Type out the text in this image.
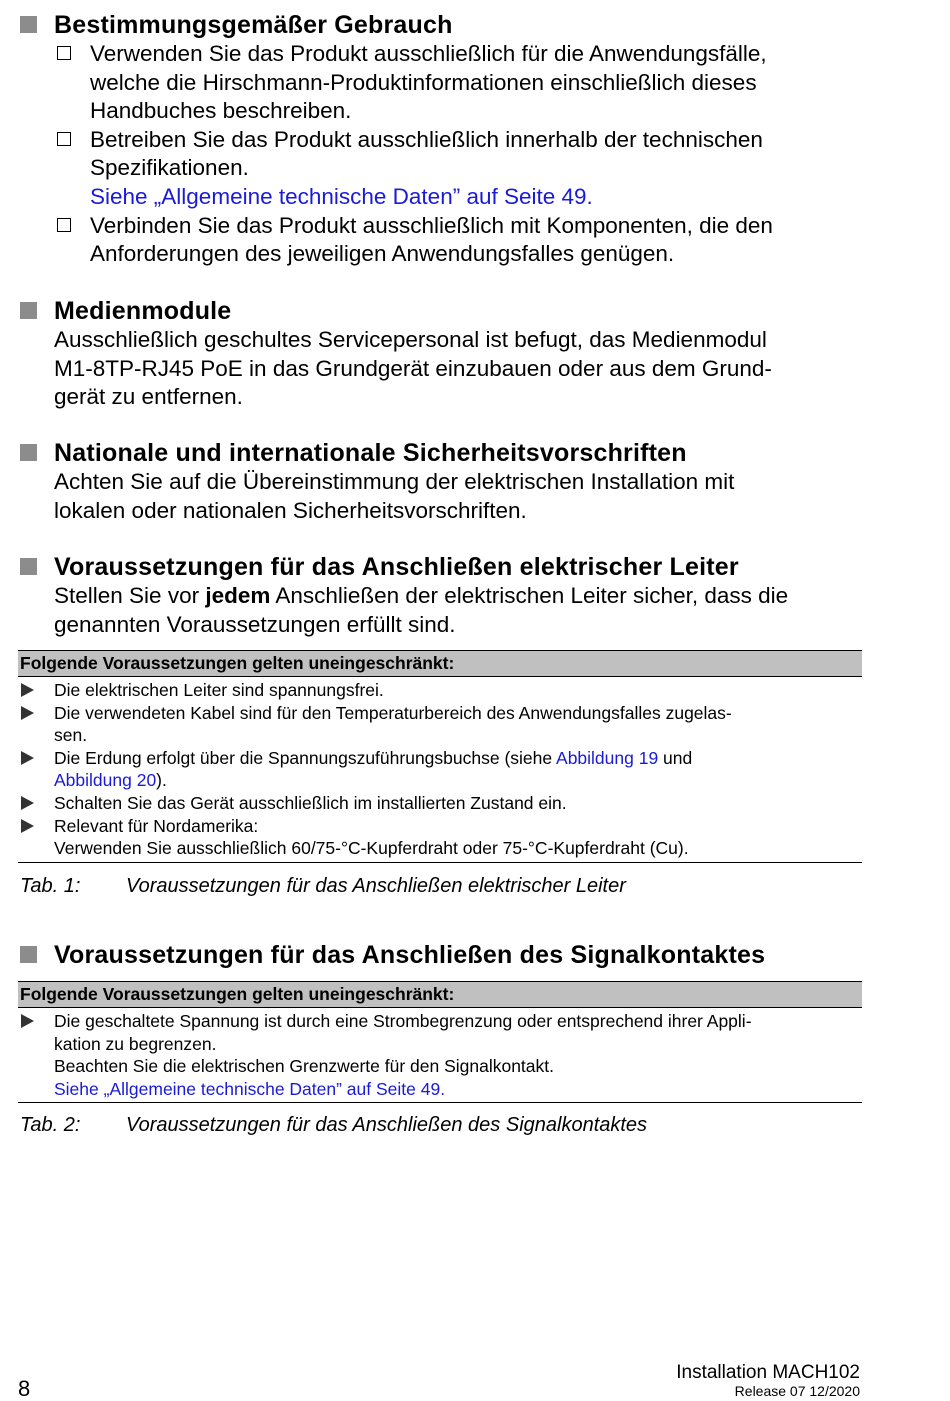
Bestimmungsgemäßer Gebrauch
Verwenden Sie das Produkt ausschließlich für die Anwendungsfälle,
welche die Hirschmann-Produktinformationen einschließlich dieses
Handbuches beschreiben.
Betreiben Sie das Produkt ausschließlich innerhalb der technischen
Spezifikationen.
Siehe „Allgemeine technische Daten” auf Seite 49.
Verbinden Sie das Produkt ausschließlich mit Komponenten, die den
Anforderungen des jeweiligen Anwendungsfalles genügen.
Medienmodule
Ausschließlich geschultes Servicepersonal ist befugt, das Medienmodul
M1-8TP-RJ45 PoE in das Grundgerät einzubauen oder aus dem Grund-
gerät zu entfernen.
Nationale und internationale Sicherheitsvorschriften
Achten Sie auf die Übereinstimmung der elektrischen Installation mit
lokalen oder nationalen Sicherheitsvorschriften.
Voraussetzungen für das Anschließen elektrischer Leiter
Stellen Sie vor jedem Anschließen der elektrischen Leiter sicher, dass die
genannten Voraussetzungen erfüllt sind.
Folgende Voraussetzungen gelten uneingeschränkt:
Die elektrischen Leiter sind spannungsfrei.
Die verwendeten Kabel sind für den Temperaturbereich des Anwendungsfalles zugelas-
sen.
Die Erdung erfolgt über die Spannungszuführungsbuchse (siehe Abbildung 19 und
Abbildung 20).
Schalten Sie das Gerät ausschließlich im installierten Zustand ein.
Relevant für Nordamerika:
Verwenden Sie ausschließlich 60/75-°C-Kupferdraht oder 75-°C-Kupferdraht (Cu).
Tab. 1: Voraussetzungen für das Anschließen elektrischer Leiter
Voraussetzungen für das Anschließen des Signalkontaktes
Folgende Voraussetzungen gelten uneingeschränkt:
Die geschaltete Spannung ist durch eine Strombegrenzung oder entsprechend ihrer Appli-
kation zu begrenzen.
Beachten Sie die elektrischen Grenzwerte für den Signalkontakt.
Siehe „Allgemeine technische Daten” auf Seite 49.
Tab. 2: Voraussetzungen für das Anschließen des Signalkontaktes
8
Installation MACH102
Release 07 12/2020
